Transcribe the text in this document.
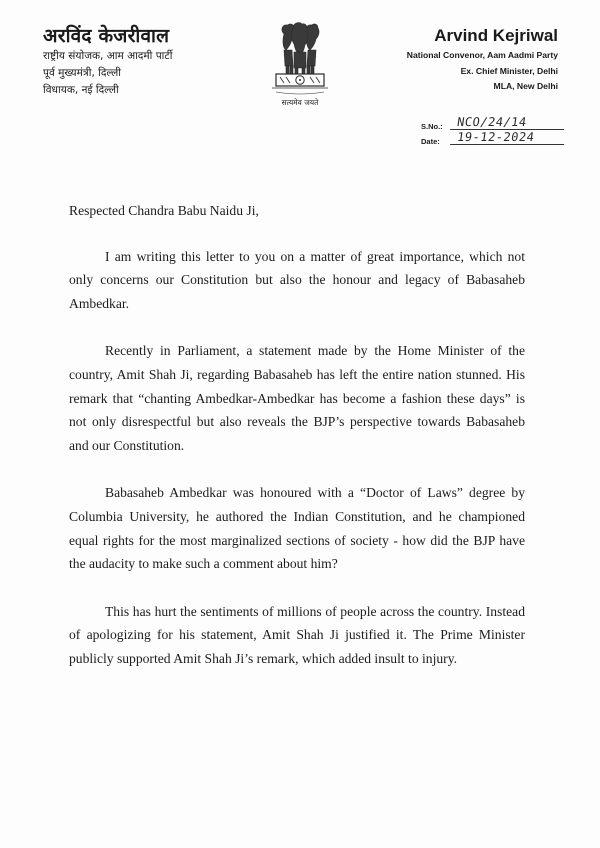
अरविंद केजरीवाल
राष्ट्रीय संयोजक, आम आदमी पार्टी
पूर्व मुख्यमंत्री, दिल्ली
विधायक, नई दिल्ली
सत्यमेव जयते
Arvind Kejriwal
National Convenor, Aam Aadmi Party
Ex. Chief Minister, Delhi
MLA, New Delhi
S.No.: NCO/24/14
Date: 19-12-2024

Respected Chandra Babu Naidu Ji,

I am writing this letter to you on a matter of great importance, which not only concerns our Constitution but also the honour and legacy of Babasaheb Ambedkar.

Recently in Parliament, a statement made by the Home Minister of the country, Amit Shah Ji, regarding Babasaheb has left the entire nation stunned. His remark that “chanting Ambedkar-Ambedkar has become a fashion these days” is not only disrespectful but also reveals the BJP’s perspective towards Babasaheb and our Constitution.

Babasaheb Ambedkar was honoured with a “Doctor of Laws” degree by Columbia University, he authored the Indian Constitution, and he championed equal rights for the most marginalized sections of society - how did the BJP have the audacity to make such a comment about him?

This has hurt the sentiments of millions of people across the country. Instead of apologizing for his statement, Amit Shah Ji justified it. The Prime Minister publicly supported Amit Shah Ji’s remark, which added insult to injury.
